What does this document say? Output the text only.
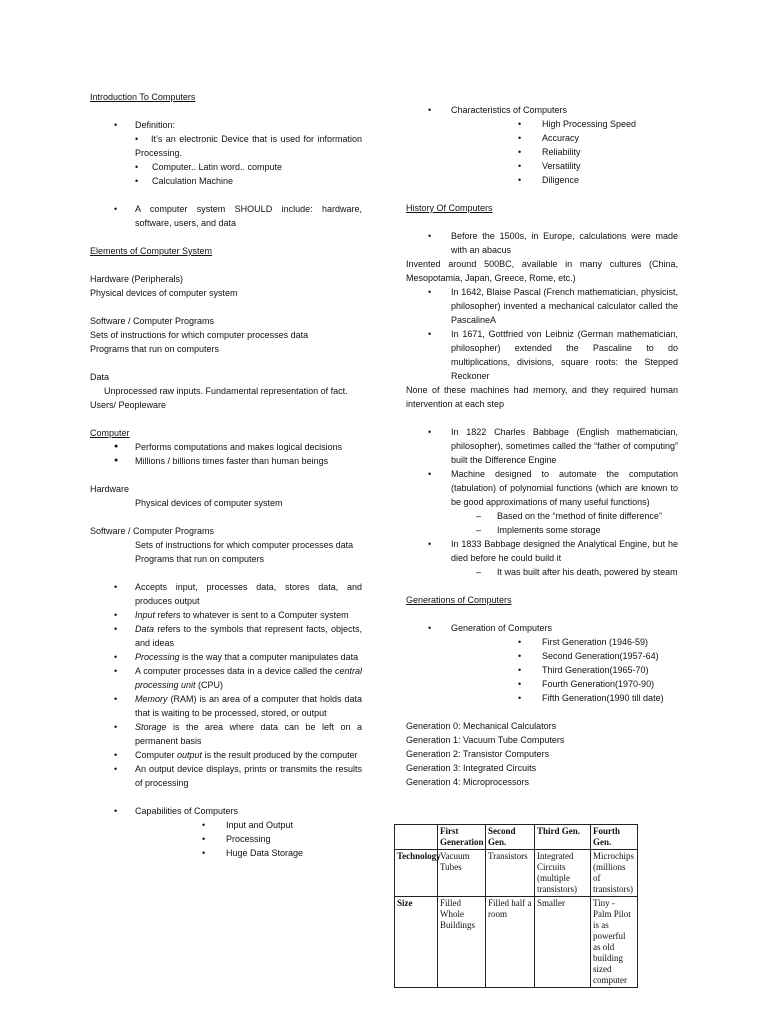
Introduction To Computers

• Definition:
•	It’s an electronic Device that is used for information Processing.
• Computer.. Latin word.. compute
• Calculation Machine
• A computer system SHOULD include: hardware, software, users, and data

Elements of Computer System

Hardware (Peripherals)

Physical devices of computer system

Software / Computer Programs

Sets of instructions for which computer processes data

Programs that run on computers

Data

Unprocessed raw inputs. Fundamental representation of fact.

Users/ Peopleware

Computer

● Performs computations and makes logical decisions
● Millions / billions times faster than human beings

Hardware

Physical devices of computer system

Software / Computer Programs

Sets of instructions for which computer processes data

Programs that run on computers

• Accepts input, processes data, stores data, and produces output
• Input refers to whatever is sent to a Computer system
• Data refers to the symbols that represent facts, objects, and ideas
• Processing is the way that a computer manipulates data
• A computer processes data in a device called the central processing unit (CPU)
• Memory (RAM) is an area of a computer that holds data that is waiting to be processed, stored, or output
• Storage is the area where data can be left on a permanent basis
• Computer output is the result produced by the computer
• An output device displays, prints or transmits the results of processing
• Capabilities of Computers
• Input and Output
• Processing
• Huge Data Storage
• Characteristics of Computers
• High Processing Speed
• Accuracy
• Reliability
• Versatility
• Diligence

History Of Computers

• Before the 1500s, in Europe, calculations were made with an abacus

Invented around 500BC, available in many cultures (China, Mesopotamia, Japan, Greece, Rome, etc.)

• In 1642, Blaise Pascal (French mathematician, physicist, philosopher) invented a mechanical calculator called the PascalineA
• In 1671, Gottfried von Leibniz (German mathematician, philosopher) extended the Pascaline to do multiplications, divisions, square roots: the Stepped Reckoner

None of these machines had memory, and they required human intervention at each step

• In 1822 Charles Babbage (English mathematician, philosopher), sometimes called the “father of computing” built the Difference Engine
• Machine designed to automate the computation (tabulation) of polynomial functions (which are known to be good approximations of many useful functions)
– Based on the “method of finite difference”
– Implements some storage
• In 1833 Babbage designed the Analytical Engine, but he died before he could build it
– It was built after his death, powered by steam

Generations of Computers

• Generation of Computers
• First Generation (1946-59)
• Second Generation(1957-64)
• Third Generation(1965-70)
• Fourth Generation(1970-90)
• Fifth Generation(1990 till date)

Generation 0: Mechanical Calculators

Generation 1: Vacuum Tube Computers

Generation 2: Transistor Computers

Generation 3: Integrated Circuits

Generation 4: Microprocessors

	First Generation	Second Gen.	Third Gen.	Fourth Gen.
Technology	Vacuum Tubes	Transistors	Integrated Circuits (multiple transistors)	Microchips (millions of transistors)
Size	Filled Whole Buildings	Filled half a room	Smaller	Tiny - Palm Pilot is as powerful as old building sized computer
